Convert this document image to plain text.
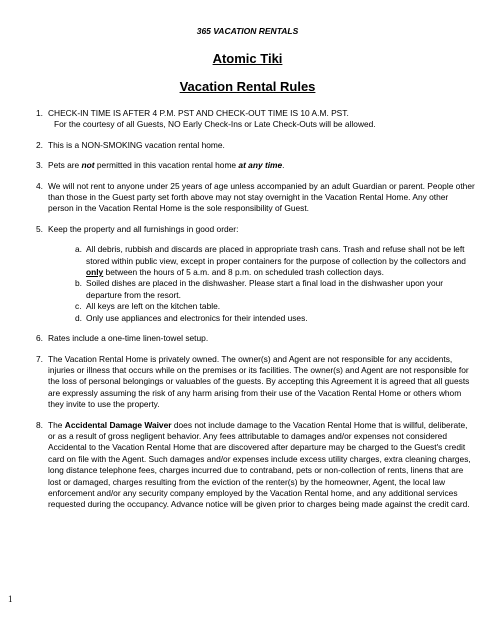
365 VACATION RENTALS
Atomic Tiki
Vacation Rental Rules
1. CHECK-IN TIME IS AFTER 4 P.M. PST AND CHECK-OUT TIME IS 10 A.M. PST.
For the courtesy of all Guests, NO Early Check-Ins or Late Check-Outs will be allowed.
2. This is a NON-SMOKING vacation rental home.
3. Pets are not permitted in this vacation rental home at any time.
4. We will not rent to anyone under 25 years of age unless accompanied by an adult Guardian or parent. People other than those in the Guest party set forth above may not stay overnight in the Vacation Rental Home. Any other person in the Vacation Rental Home is the sole responsibility of Guest.
5. Keep the property and all furnishings in good order:
a. All debris, rubbish and discards are placed in appropriate trash cans. Trash and refuse shall not be left stored within public view, except in proper containers for the purpose of collection by the collectors and only between the hours of 5 a.m. and 8 p.m. on scheduled trash collection days.
b. Soiled dishes are placed in the dishwasher. Please start a final load in the dishwasher upon your departure from the resort.
c. All keys are left on the kitchen table.
d. Only use appliances and electronics for their intended uses.
6. Rates include a one-time linen-towel setup.
7. The Vacation Rental Home is privately owned. The owner(s) and Agent are not responsible for any accidents, injuries or illness that occurs while on the premises or its facilities. The owner(s) and Agent are not responsible for the loss of personal belongings or valuables of the guests. By accepting this Agreement it is agreed that all guests are expressly assuming the risk of any harm arising from their use of the Vacation Rental Home or others whom they invite to use the property.
8. The Accidental Damage Waiver does not include damage to the Vacation Rental Home that is willful, deliberate, or as a result of gross negligent behavior. Any fees attributable to damages and/or expenses not considered Accidental to the Vacation Rental Home that are discovered after departure may be charged to the Guest's credit card on file with the Agent. Such damages and/or expenses include excess utility charges, extra cleaning charges, long distance telephone fees, charges incurred due to contraband, pets or non-collection of rents, linens that are lost or damaged, charges resulting from the eviction of the renter(s) by the homeowner, Agent, the local law enforcement and/or any security company employed by the Vacation Rental home, and any additional services requested during the occupancy. Advance notice will be given prior to charges being made against the credit card.
1
